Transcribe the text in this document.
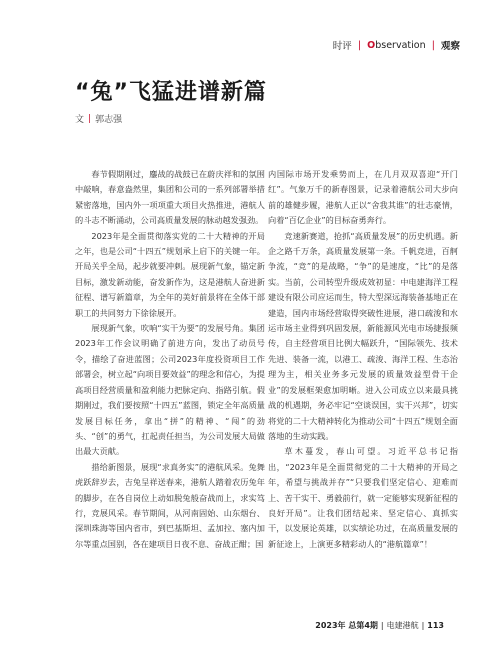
时评 | Observation | 观察
“兔”飞猛进谱新篇
文 | 郭志强

春节假期刚过，鏖战的战鼓已在蔚庆祥和的氛围中敲响，春意盎然里，集团和公司的一系列部署举措紧密落地，国内外一项项重大项目火热推进，港航人的斗志不断涌动，公司高质量发展的脉动越发强劲。

2023年是全面贯彻落实党的二十大精神的开局之年，也是公司“十四五”规划承上启下的关键一年。开局关乎全局，起步就要冲刺。展现新气象，锚定新目标，激发新动能，奋发新作为，这是港航人奋进新征程、谱写新篇章，为全年的美好前景将在全体干部职工的共同努力下徐徐展开。

展现新气象，吹响“实干为要”的发展号角。集团2023年工作会议明确了前进方向，发出了动员号令，描绘了奋进蓝图；公司2023年度投资项目工作部署会，树立起“向项目要效益”的理念和信心，为提高项目经营质量和盈利能力把脉定向、指路引航。假期刚过，我们要按照“十四五”蓝图，锁定全年高质量发展目标任务，拿出“拼”的精神、“闯”的劲头、“创”的勇气，扛起责任担当，为公司发展大局做出最大贡献。

措给新图景，展现“求真务实”的港航风采。兔舞虎跃辞岁去，吉兔呈祥送春来，港航人踏着农历兔年的脚步，在各自岗位上动如脱兔般奋战而上，求实笃行，竞展风采。春节期间，从河南固始、山东烟台、深圳珠海等国内省市，到巴基斯坦、孟加拉、塞内加尔等重点国别，各在建项目日夜不息、奋战正酣；国

内国际市场开发乘势而上，在几月双双喜迎“开门红”。气象万千的新春图景，记录着港航公司大步向前的雄健步履，港航人正以“舍我其谁”的壮志豪情，向着“百亿企业”的目标奋勇奔行。

竞速新赛道，抢抓“高质量发展”的历史机遇。新企之路千万条，高质量发展第一条。千帆竞进，百舸争流，“竞”的是战略，“争”的是速度，“比”的是落实。当前，公司转型升级成效初显：中电建海洋工程建设有限公司应运而生，特大型深远海装备基地正在建造，国内市场经营取得突破性进展，港口疏浚和水运市场主业得到巩固发展，新能源风光电市场捷报频传，自主经营项目比例大幅跃升，“国际领先、技术先进、装备一流，以港工、疏浚、海洋工程、生态治理为主，相关业务多元发展的质量效益型骨干企业”的发展框架愈加明晰。进入公司成立以来最具挑战的机遇期，务必牢记“空谈误国，实干兴邦”，切实将党的二十大精神转化为推动公司“十四五”规划全面落地的生动实践。

草木蔓发，春山可望。习近平总书记指出，“2023年是全面贯彻党的二十大精神的开局之年，希望与挑战并存”“只要我们坚定信心、迎难而上、苦干实干、勇毅前行，就一定能够实现新征程的良好开局”。让我们团结起来、坚定信心、真抓实干，以发展论英雄，以实绩论功过，在高质量发展的新征途上，上演更多精彩动人的“港航篇章”！

2023年 总第4期 | 电建港航 | 113
